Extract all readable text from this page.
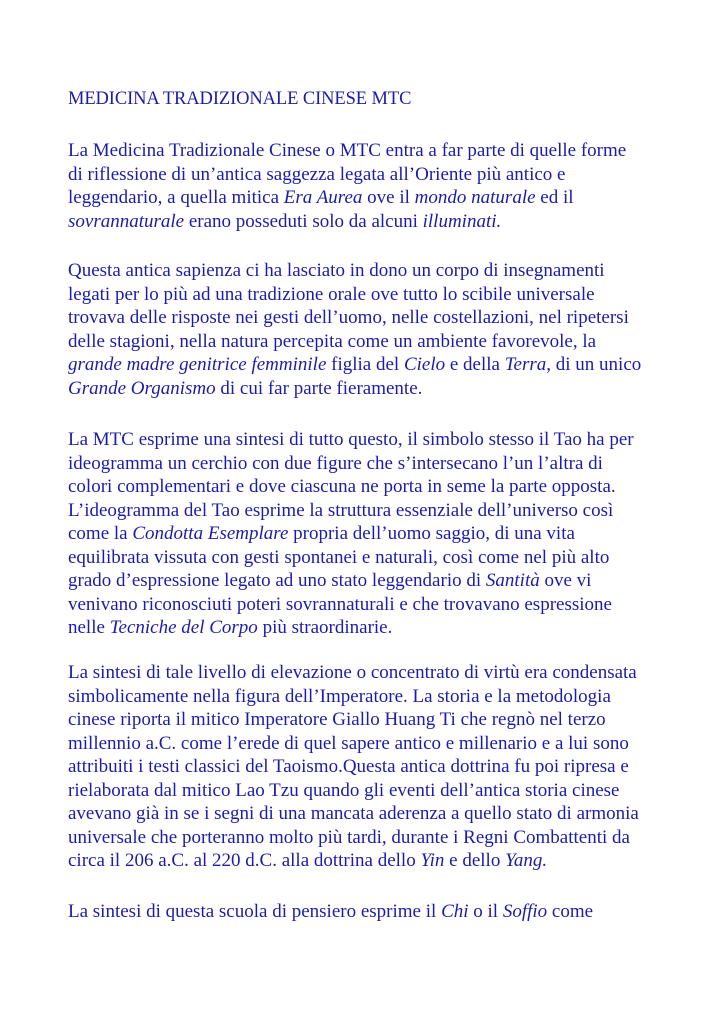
MEDICINA TRADIZIONALE CINESE MTC

La Medicina Tradizionale Cinese o MTC entra a far parte di quelle forme
di riflessione di un’antica saggezza legata all’Oriente più antico e
leggendario, a quella mitica Era Aurea ove il mondo naturale ed il
sovrannaturale erano posseduti solo da alcuni illuminati.

Questa antica sapienza ci ha lasciato in dono un corpo di insegnamenti
legati per lo più ad una tradizione orale ove tutto lo scibile universale
trovava delle risposte nei gesti dell’uomo, nelle costellazioni, nel ripetersi
delle stagioni, nella natura percepita come un ambiente favorevole, la
grande madre genitrice femminile figlia del Cielo e della Terra, di un unico
Grande Organismo di cui far parte fieramente.

La MTC esprime una sintesi di tutto questo, il simbolo stesso il Tao ha per
ideogramma un cerchio con due figure che s’intersecano l’un l’altra di
colori complementari e dove ciascuna ne porta in seme la parte opposta.
L’ideogramma del Tao esprime la struttura essenziale dell’universo così
come la Condotta Esemplare propria dell’uomo saggio, di una vita
equilibrata vissuta con gesti spontanei e naturali, così come nel più alto
grado d’espressione legato ad uno stato leggendario di Santità ove vi
venivano riconosciuti poteri sovrannaturali e che trovavano espressione
nelle Tecniche del Corpo più straordinarie.

La sintesi di tale livello di elevazione o concentrato di virtù era condensata
simbolicamente nella figura dell’Imperatore. La storia e la metodologia
cinese riporta il mitico Imperatore Giallo Huang Ti che regnò nel terzo
millennio a.C. come l’erede di quel sapere antico e millenario e a lui sono
attribuiti i testi classici del Taoismo.Questa antica dottrina fu poi ripresa e
rielaborata dal mitico Lao Tzu quando gli eventi dell’antica storia cinese
avevano già in se i segni di una mancata aderenza a quello stato di armonia
universale che porteranno molto più tardi, durante i Regni Combattenti da
circa il 206 a.C. al 220 d.C. alla dottrina dello Yin e dello Yang.

La sintesi di questa scuola di pensiero esprime il Chi o il Soffio come
